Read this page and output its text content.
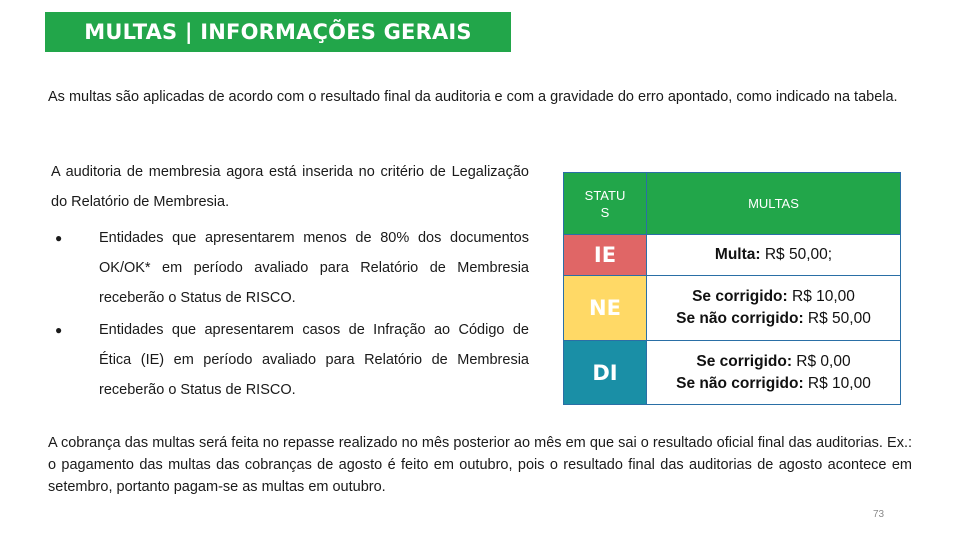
MULTAS | INFORMAÇÕES GERAIS
As multas são aplicadas de acordo com o resultado final da auditoria e com a gravidade do erro apontado, como indicado na tabela.

A auditoria de membresia agora está inserida no critério de Legalização do Relatório de Membresia.

●	Entidades que apresentarem menos de 80% dos documentos OK/OK* em período avaliado para Relatório de Membresia receberão o Status de RISCO.
●	Entidades que apresentarem casos de Infração ao Código de Ética (IE) em período avaliado para Relatório de Membresia receberão o Status de RISCO.
STATU
S	MULTAS
IE	Multa: R$ 50,00;
NE	Se corrigido: R$ 10,00
Se não corrigido: R$ 50,00

DI	Se corrigido: R$ 0,00
Se não corrigido: R$ 10,00
A cobrança das multas será feita no repasse realizado no mês posterior ao mês em que sai o resultado oficial final das auditorias. Ex.: o pagamento das multas das cobranças de agosto é feito em outubro, pois o resultado final das auditorias de agosto acontece em setembro, portanto pagam-se as multas em outubro.
73
